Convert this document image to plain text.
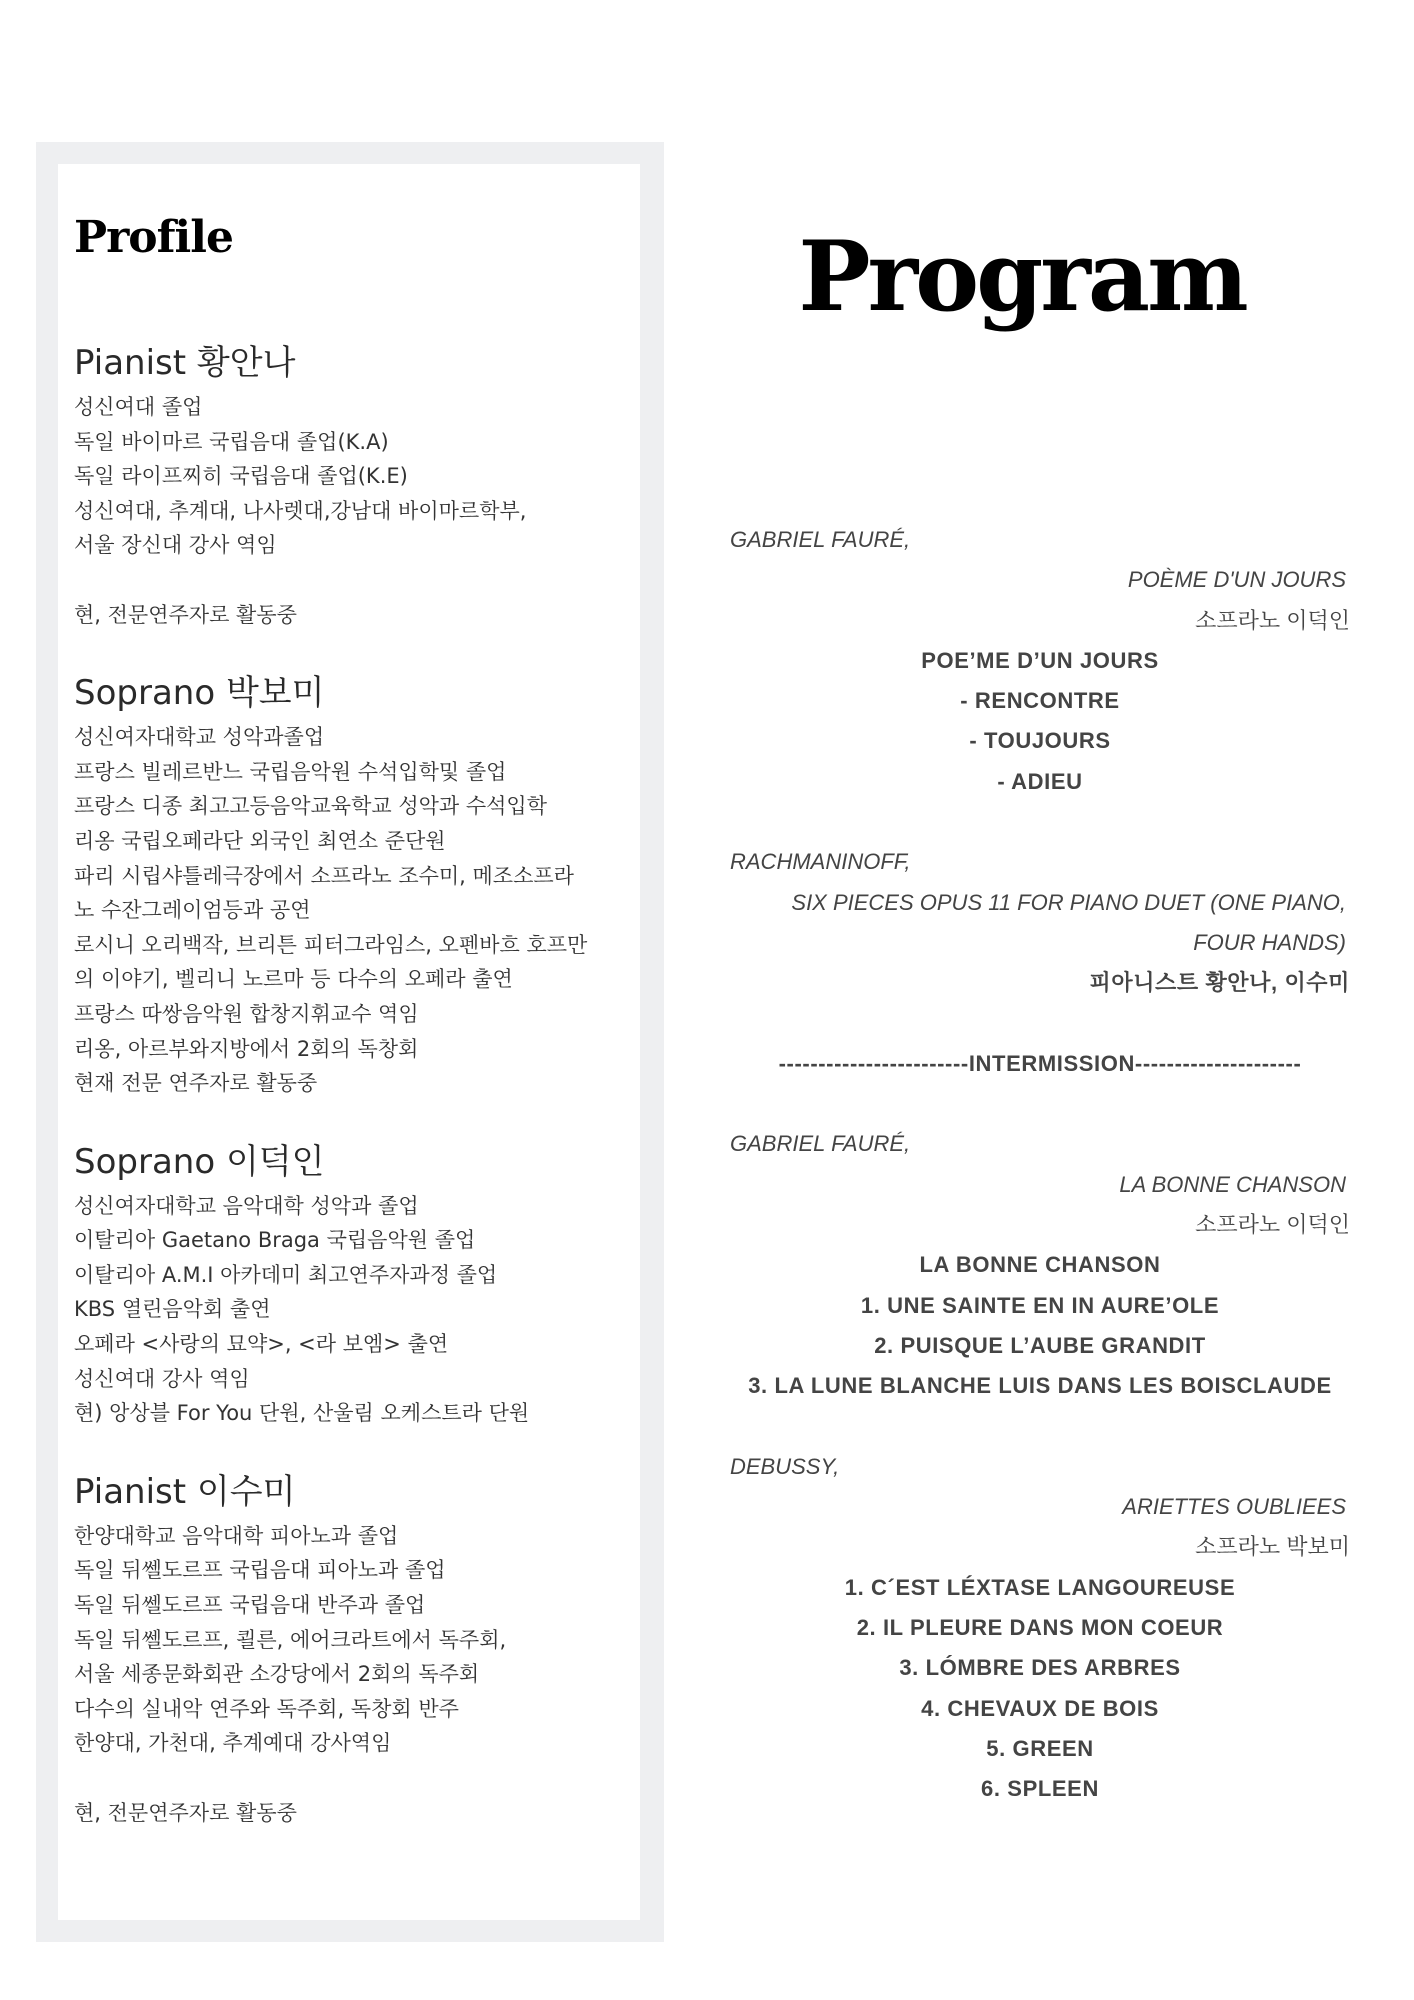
Profile
Pianist 황안나
성신여대 졸업
독일 바이마르 국립음대 졸업(K.A)
독일 라이프찌히 국립음대 졸업(K.E)
성신여대, 추계대, 나사렛대,강남대 바이마르학부,
서울 장신대 강사 역임
현, 전문연주자로 활동중
Soprano 박보미
성신여자대학교 성악과졸업
프랑스 빌레르반느 국립음악원 수석입학및 졸업
프랑스 디종 최고고등음악교육학교 성악과 수석입학
리옹 국립오페라단 외국인 최연소 준단원
파리 시립샤틀레극장에서 소프라노 조수미, 메조소프라
노 수잔그레이엄등과 공연
로시니 오리백작, 브리튼 피터그라임스, 오펜바흐 호프만
의 이야기, 벨리니 노르마 등 다수의 오페라 출연
프랑스 따쌍음악원 합창지휘교수 역임
리옹, 아르부와지방에서 2회의 독창회
현재 전문 연주자로 활동중
Soprano 이덕인
성신여자대학교 음악대학 성악과 졸업
이탈리아 Gaetano Braga 국립음악원 졸업
이탈리아 A.M.I 아카데미 최고연주자과정 졸업
KBS 열린음악회 출연
오페라 <사랑의 묘약>, <라 보엠> 출연
성신여대 강사 역임
현) 앙상블 For You 단원, 산울림 오케스트라 단원
Pianist 이수미
한양대학교 음악대학 피아노과 졸업
독일 뒤쎌도르프 국립음대 피아노과 졸업
독일 뒤쎌도르프 국립음대 반주과 졸업
독일 뒤쎌도르프, 쾰른, 에어크라트에서 독주회,
서울 세종문화회관 소강당에서 2회의 독주회
다수의 실내악 연주와 독주회, 독창회 반주
한양대, 가천대, 추계예대 강사역임
현, 전문연주자로 활동중
Program
GABRIEL FAURÉ,
POÈME D'UN JOURS
소프라노 이덕인
POE’ME D’UN JOURS
- RENCONTRE
- TOUJOURS
- ADIEU
RACHMANINOFF,
SIX PIECES OPUS 11 FOR PIANO DUET (ONE PIANO,
FOUR HANDS)
피아니스트 황안나, 이수미
------------------------INTERMISSION---------------------
GABRIEL FAURÉ,
LA BONNE CHANSON
소프라노 이덕인
LA BONNE CHANSON
1. UNE SAINTE EN IN AURE’OLE
2. PUISQUE L’AUBE GRANDIT
3. LA LUNE BLANCHE LUIS DANS LES BOISCLAUDE
DEBUSSY,
ARIETTES OUBLIEES
소프라노 박보미
1. C´EST LÉXTASE LANGOUREUSE
2. IL PLEURE DANS MON COEUR
3. LÓMBRE DES ARBRES
4. CHEVAUX DE BOIS
5. GREEN
6. SPLEEN
